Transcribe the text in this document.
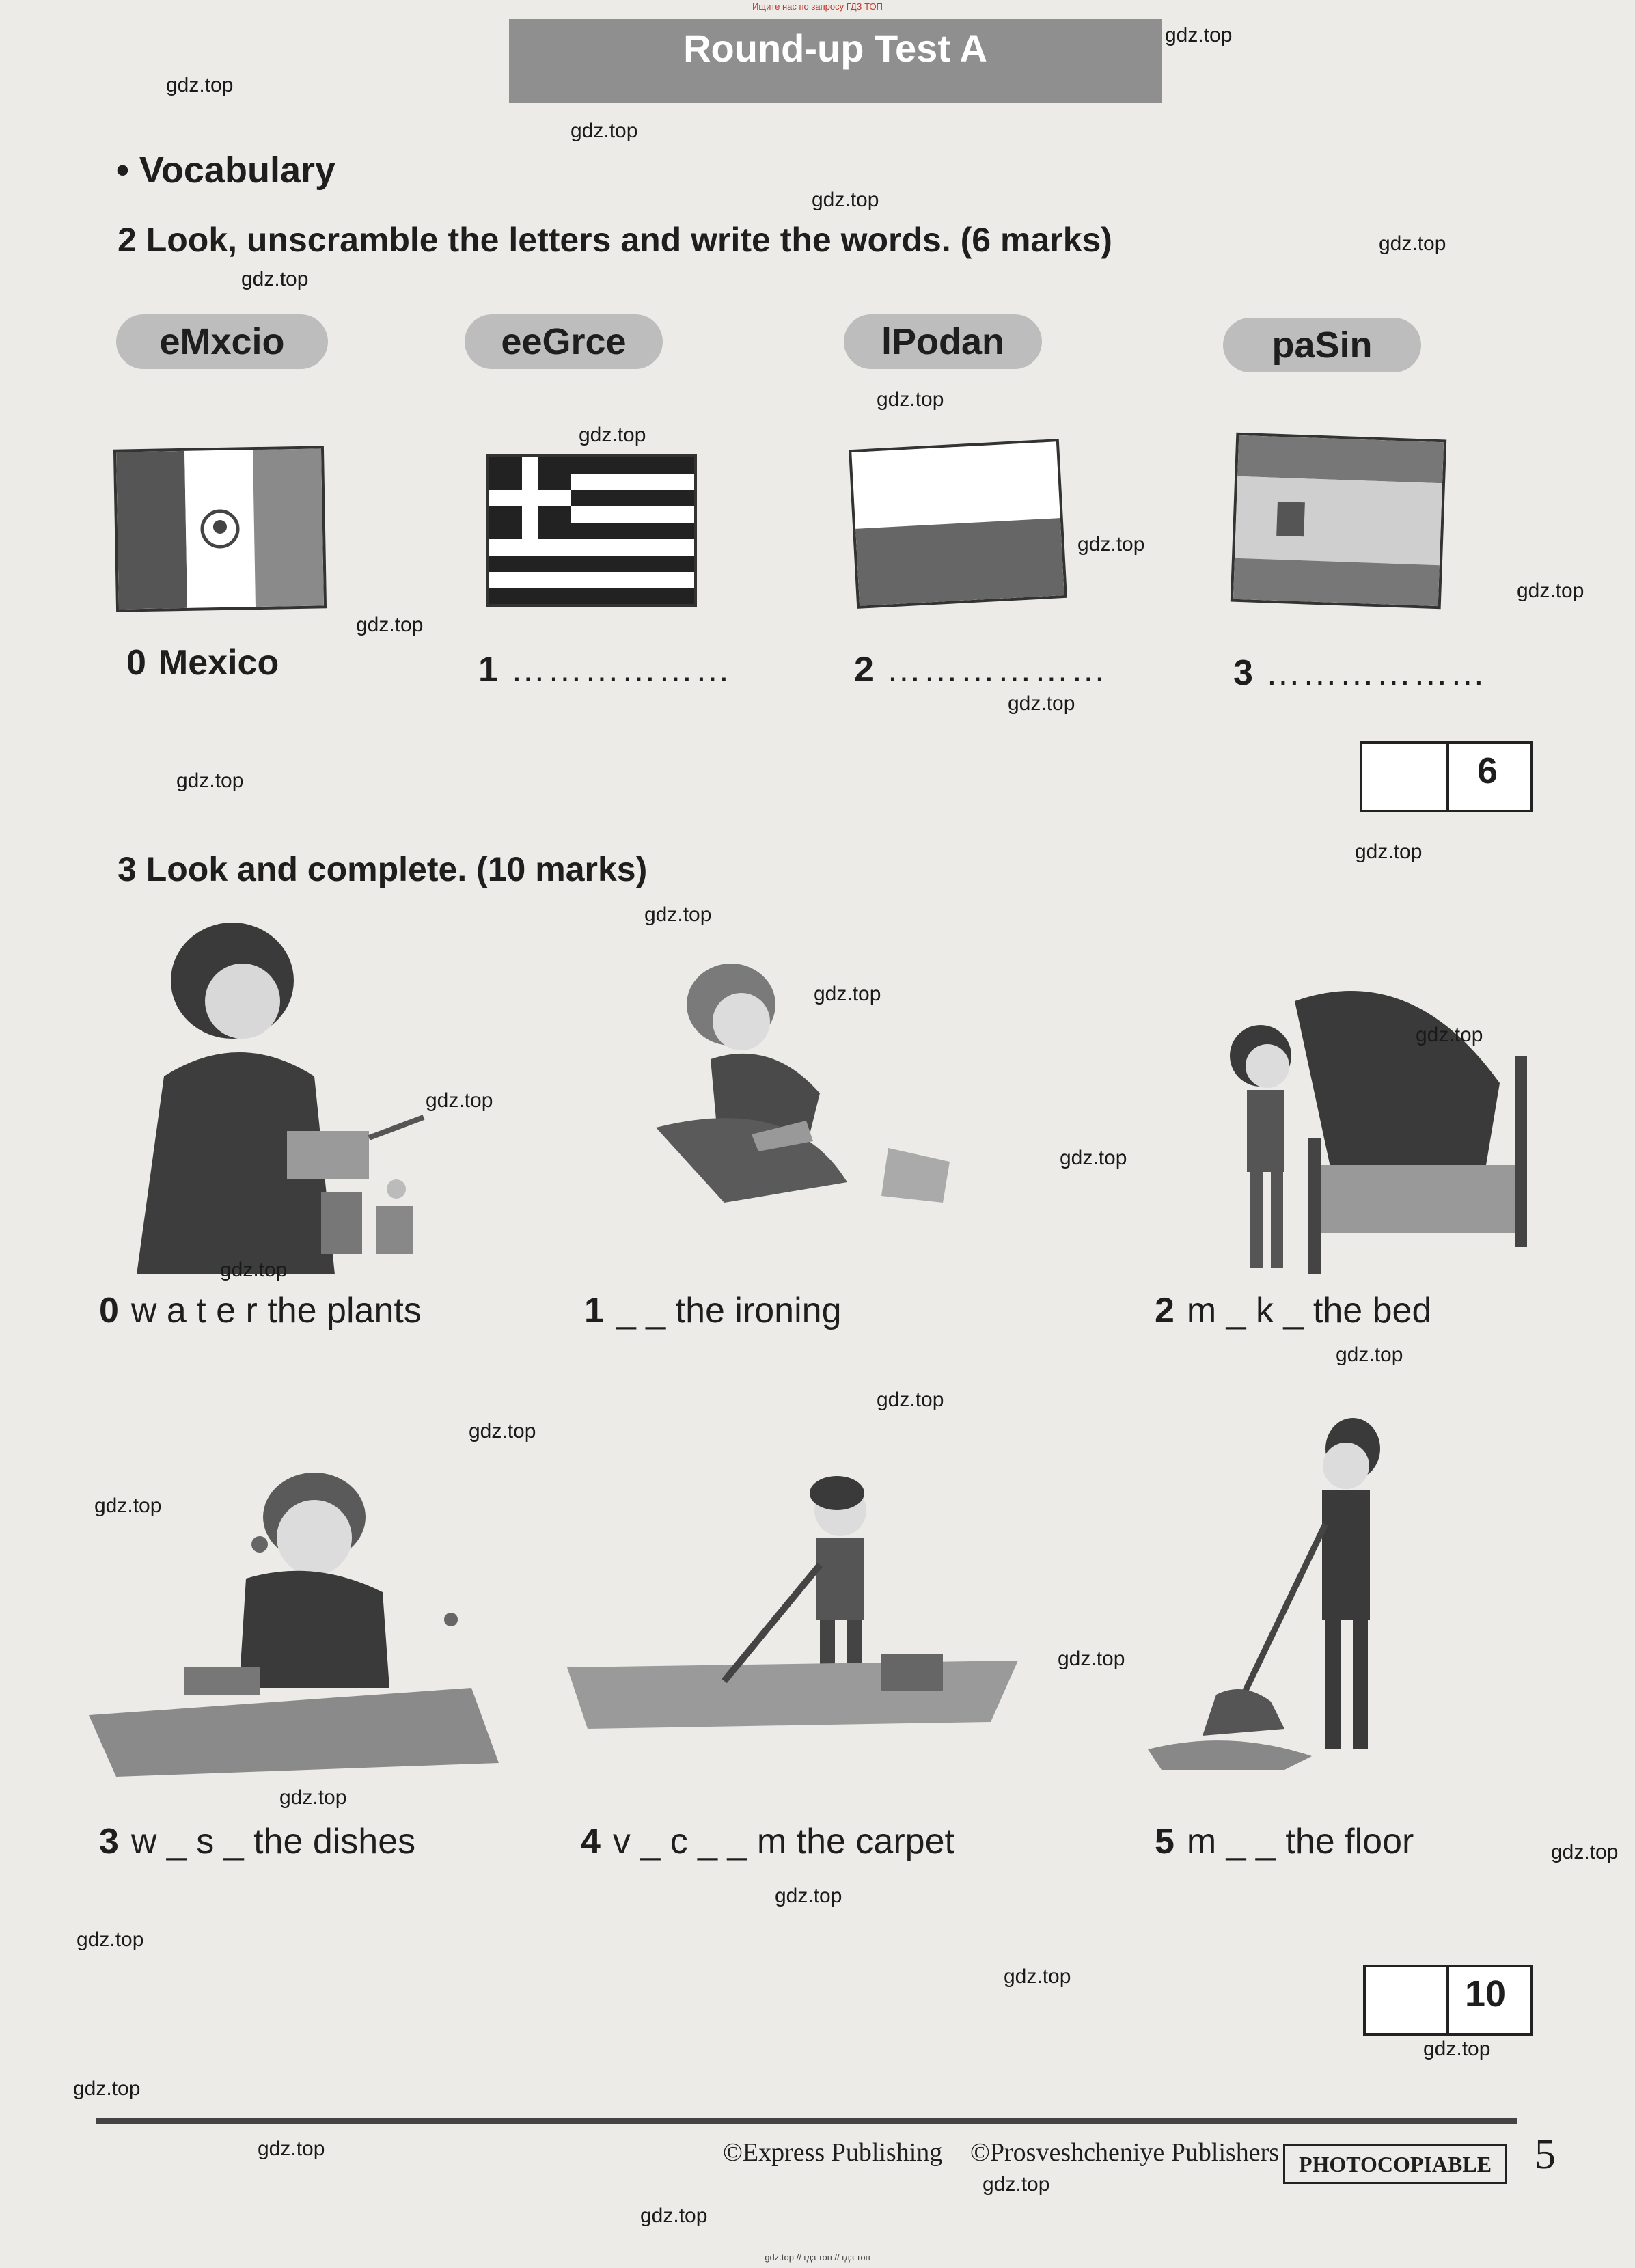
Ищите нас по запросу ГДЗ ТОП
Round-up Test A

• Vocabulary
2 Look, unscramble the letters and write the words. (6 marks)
eMxcio	eeGrce	lPodan	paSin
0 Mexico	1 ………………	2 ………………	3 ………………
6
3 Look and complete. (10 marks)
0 w a t e r the plants	1 _ _ the ironing	2 m _ k _ the bed
3 w _ s _ the dishes	4 v _ c _ _ m the carpet	5 m _ _ the floor
10
©Express Publishing ©Prosveshcheniye Publishers PHOTOCOPIABLE	5
gdz.top // гдз топ // гдз топ
gdz.top
gdz.top
gdz.top
gdz.top
gdz.top
gdz.top
gdz.top
gdz.top
gdz.top
gdz.top
gdz.top
gdz.top
gdz.top
gdz.top
gdz.top
gdz.top
gdz.top
gdz.top
gdz.top
gdz.top
gdz.top
gdz.top
gdz.top
gdz.top
gdz.top
gdz.top
gdz.top
gdz.top
gdz.top
gdz.top
gdz.top
gdz.top
gdz.top
gdz.top
gdz.top
